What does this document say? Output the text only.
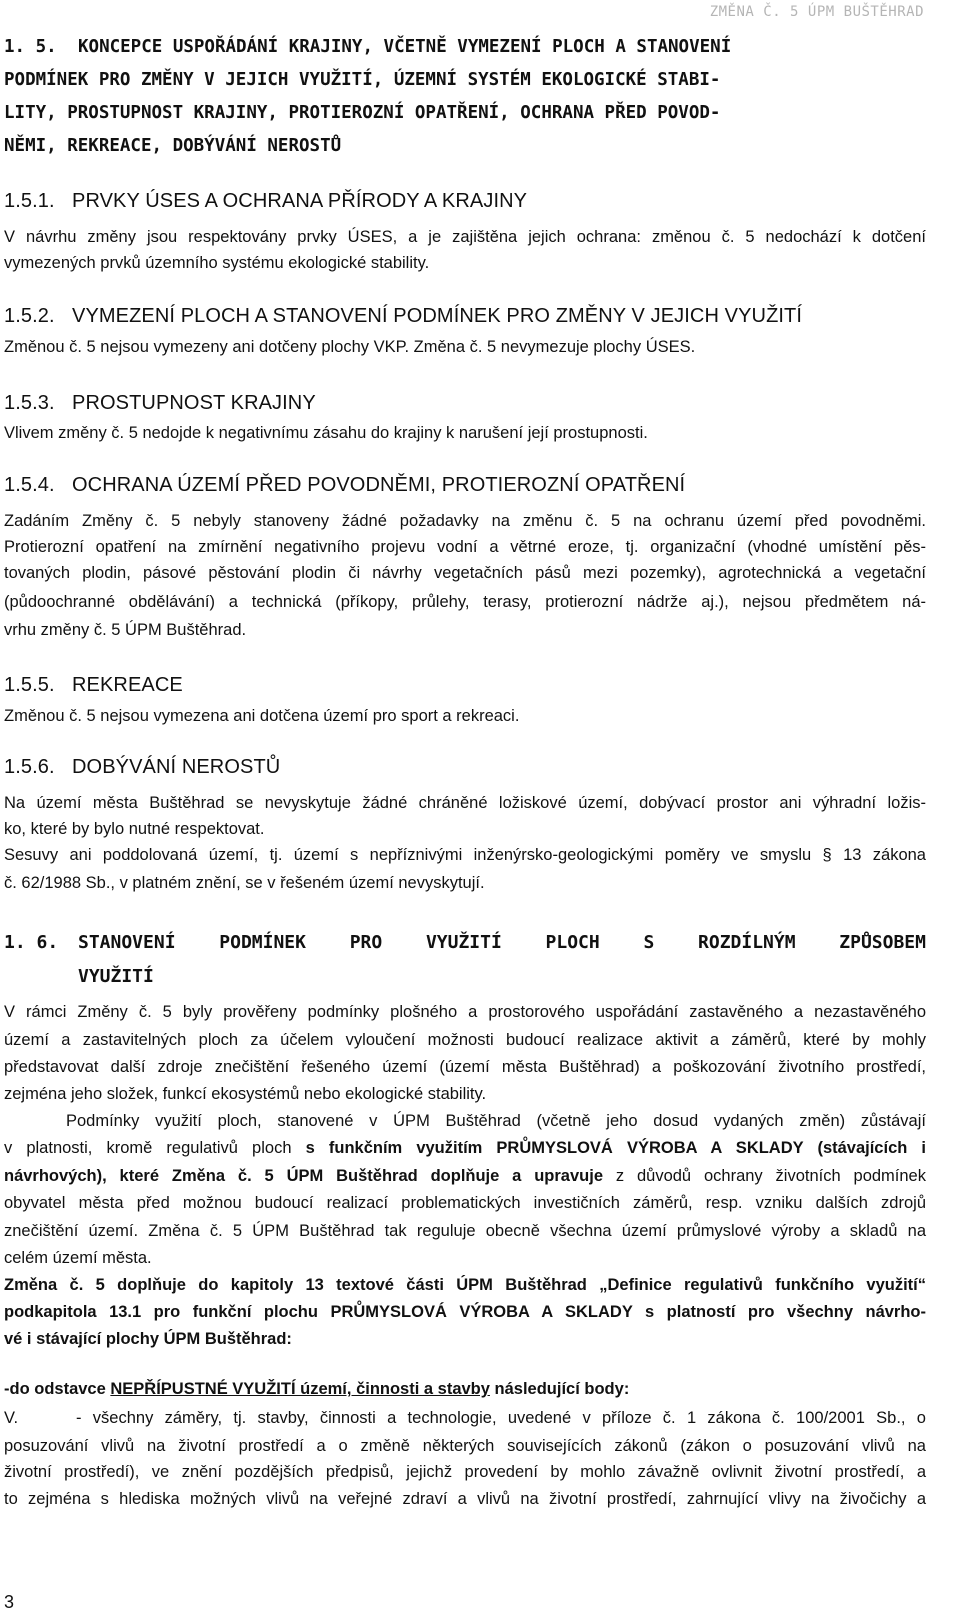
ZMĚNA Č. 5 ÚPM BUŠTĚHRAD
1. 5. KONCEPCE USPOŘÁDÁNÍ KRAJINY, VČETNĚ VYMEZENÍ PLOCH A STANOVENÍ
PODMÍNEK PRO ZMĚNY V JEJICH VYUŽITÍ, ÚZEMNÍ SYSTÉM EKOLOGICKÉ STABI-
LITY, PROSTUPNOST KRAJINY, PROTIEROZNÍ OPATŘENÍ, OCHRANA PŘED POVOD-
NĚMI, REKREACE, DOBÝVÁNÍ NEROSTŮ
1.5.1. PRVKY ÚSES A OCHRANA PŘÍRODY A KRAJINY
V návrhu změny jsou respektovány prvky ÚSES, a je zajištěna jejich ochrana: změnou č. 5 nedochází k dotčení
vymezených prvků územního systému ekologické stability.
1.5.2. VYMEZENÍ PLOCH A STANOVENÍ PODMÍNEK PRO ZMĚNY V JEJICH VYUŽITÍ
Změnou č. 5 nejsou vymezeny ani dotčeny plochy VKP. Změna č. 5 nevymezuje plochy ÚSES.
1.5.3. PROSTUPNOST KRAJINY
Vlivem změny č. 5 nedojde k negativnímu zásahu do krajiny k narušení její prostupnosti.
1.5.4. OCHRANA ÚZEMÍ PŘED POVODNĚMI, PROTIEROZNÍ OPATŘENÍ
Zadáním Změny č. 5 nebyly stanoveny žádné požadavky na změnu č. 5 na ochranu území před povodněmi.
Protierozní opatření na zmírnění negativního projevu vodní a větrné eroze, tj. organizační (vhodné umístění pěs-
tovaných plodin, pásové pěstování plodin či návrhy vegetačních pásů mezi pozemky), agrotechnická a vegetační
(půdoochranné obdělávání) a technická (příkopy, průlehy, terasy, protierozní nádrže aj.), nejsou předmětem ná-
vrhu změny č. 5 ÚPM Buštěhrad.
1.5.5. REKREACE
Změnou č. 5 nejsou vymezena ani dotčena území pro sport a rekreaci.
1.5.6. DOBÝVÁNÍ NEROSTŮ
Na území města Buštěhrad se nevyskytuje žádné chráněné ložiskové území, dobývací prostor ani výhradní ložis-
ko, které by bylo nutné respektovat.
Sesuvy ani poddolovaná území, tj. území s nepříznivými inženýrsko-geologickými poměry ve smyslu § 13 zákona
č. 62/1988 Sb., v platném znění, se v řešeném území nevyskytují.
1. 6. STANOVENÍ PODMÍNEK PRO VYUŽITÍ PLOCH S ROZDÍLNÝM ZPŮSOBEM
VYUŽITÍ
V rámci Změny č. 5 byly prověřeny podmínky plošného a prostorového uspořádání zastavěného a nezastavěného
území a zastavitelných ploch za účelem vyloučení možnosti budoucí realizace aktivit a záměrů, které by mohly
představovat další zdroje znečištění řešeného území (území města Buštěhrad) a poškozování životního prostředí,
zejména jeho složek, funkcí ekosystémů nebo ekologické stability.
Podmínky využití ploch, stanovené v ÚPM Buštěhrad (včetně jeho dosud vydaných změn) zůstávají
v platnosti, kromě regulativů ploch s funkčním využitím PRŮMYSLOVÁ VÝROBA A SKLADY (stávajících i
návrhových), které Změna č. 5 ÚPM Buštěhrad doplňuje a upravuje z důvodů ochrany životních podmínek
obyvatel města před možnou budoucí realizací problematických investičních záměrů, resp. vzniku dalších zdrojů
znečištění území. Změna č. 5 ÚPM Buštěhrad tak reguluje obecně všechna území průmyslové výroby a skladů na
celém území města.
Změna č. 5 doplňuje do kapitoly 13 textové části ÚPM Buštěhrad „Definice regulativů funkčního využití“
podkapitola 13.1 pro funkční plochu PRŮMYSLOVÁ VÝROBA A SKLADY s platností pro všechny návrho-
vé i stávající plochy ÚPM Buštěhrad:
-do odstavce NEPŘÍPUSTNÉ VYUŽITÍ území, činnosti a stavby následující body:
V.	- všechny záměry, tj. stavby, činnosti a technologie, uvedené v příloze č. 1 zákona č. 100/2001 Sb., o
posuzování vlivů na životní prostředí a o změně některých souvisejících zákonů (zákon o posuzování vlivů na
životní prostředí), ve znění pozdějších předpisů, jejichž provedení by mohlo závažně ovlivnit životní prostředí, a
to zejména s hlediska možných vlivů na veřejné zdraví a vlivů na životní prostředí, zahrnující vlivy na živočichy a
3
